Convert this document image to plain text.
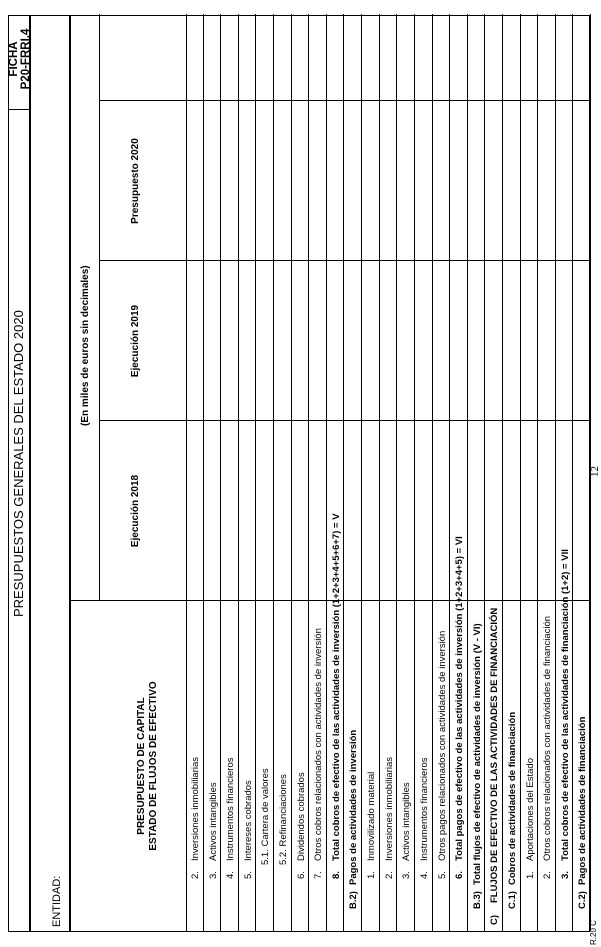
PRESUPUESTOS GENERALES DEL ESTADO 2020
FICHA P20-FRRI.4
ENTIDAD:
PRESUPUESTO DE CAPITAL ESTADO DE FLUJOS DE EFECTIVO
(En miles de euros sin decimales)
Ejecución 2018
Ejecución 2019
Presupuesto 2020
2.
Inversiones inmobiliarias
3.
Activos intangibles
4.
Instrumentos financieros
5.
Intereses cobrados 5.1. Cartera de valores 5.2. Refinanciaciones
6.
Dividendos cobrados
7.
Otros cobros relacionados con actividades de inversión
8.
Total cobros de efectivo de las actividades de inversión (1+2+3+4+5+6+7) = V
B.2)
Pagos de actividades de inversión 1.
Inmovilizado material
2.
Inversiones inmobiliarias
3.
Activos intangibles
4.
Instrumentos financieros
5.
Otros pagos relacionados con actividades de inversión
6.
Total pagos de efectivo de las actividades de inversión (1+2+3+4+5) = VI
B.3)
Total flujos de efectivo de actividades de inversión (V - VI)
C)
FLUJOS DE EFECTIVO DE LAS ACTIVIDADES DE FINANCIACIÓN C.1)
Cobros de actividades de financiación 1.
Aportaciones del Estado
2.
Otros cobros relacionados con actividades de financiación
3.
Total cobros de efectivo de las actividades de financiación (1+2) = VII
C.2)
Pagos de actividades de financiación
12
R.20 C
